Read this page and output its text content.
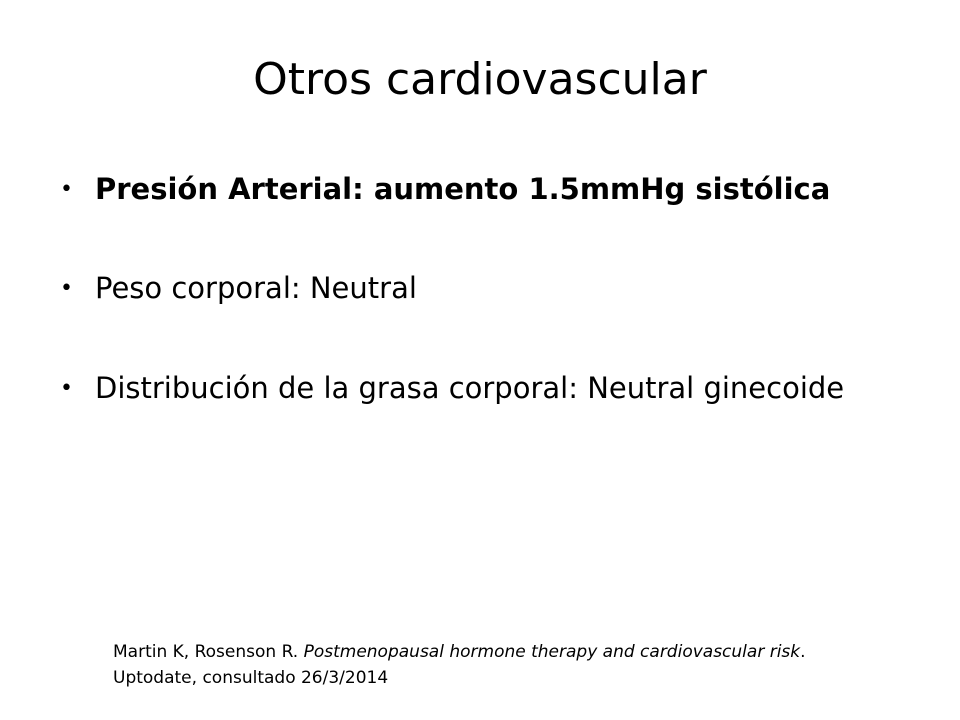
Otros cardiovascular
• Presión Arterial: aumento 1.5mmHg sistólica
• Peso corporal: Neutral
• Distribución de la grasa corporal: Neutral ginecoide
Martin K, Rosenson R. Postmenopausal hormone therapy and cardiovascular risk. Uptodate, consultado 26/3/2014
